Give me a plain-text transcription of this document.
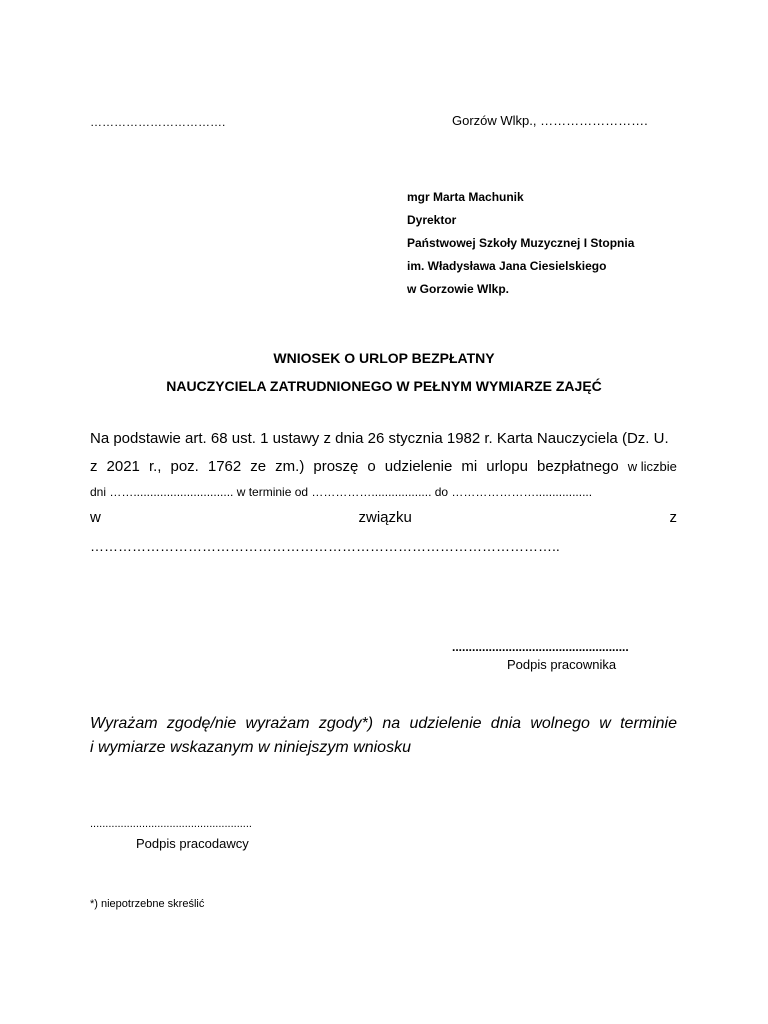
…………………………….	Gorzów Wlkp., …………………….
mgr Marta Machunik
Dyrektor
Państwowej Szkoły Muzycznej I Stopnia
im. Władysława Jana Ciesielskiego
w Gorzowie Wlkp.
WNIOSEK O URLOP BEZPŁATNY
NAUCZYCIELA ZATRUDNIONEGO W PEŁNYM WYMIARZE ZAJĘĆ
Na podstawie art. 68 ust. 1 ustawy z dnia 26 stycznia 1982 r. Karta Nauczyciela (Dz. U.
z 2021 r., poz. 1762 ze zm.) proszę o udzielenie mi urlopu bezpłatnego w liczbie
dni …….............................. w terminie od …………….................. do ………………….................
w	związku	z
………………………………………………………………………………………..
.....................................................
Podpis pracownika
Wyrażam zgodę/nie wyrażam zgody*) na udzielenie dnia wolnego w terminie
i wymiarze wskazanym w niniejszym wniosku
.....................................................
Podpis pracodawcy
*) niepotrzebne skreślić
